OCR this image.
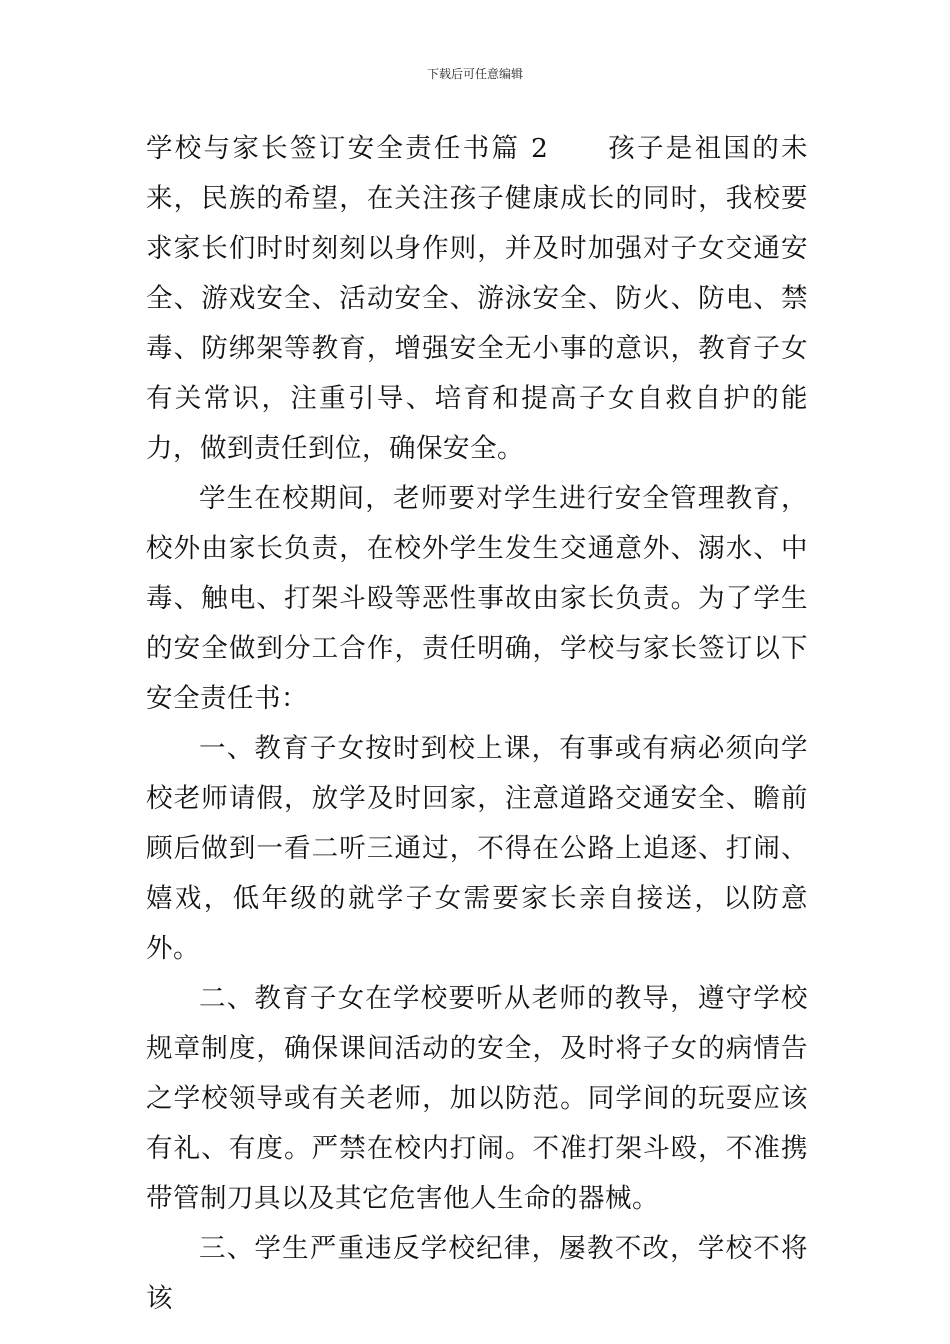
下载后可任意编辑

学校与家长签订安全责任书篇 2 孩子是祖国的未来，民族的希望，在关注孩子健康成长的同时，我校要求家长们时时刻刻以身作则，并及时加强对子女交通安全、游戏安全、活动安全、游泳安全、防火、防电、禁毒、防绑架等教育，增强安全无小事的意识，教育子女有关常识，注重引导、培育和提高子女自救自护的能力，做到责任到位，确保安全。

学生在校期间，老师要对学生进行安全管理教育，校外由家长负责，在校外学生发生交通意外、溺水、中毒、触电、打架斗殴等恶性事故由家长负责。为了学生的安全做到分工合作，责任明确，学校与家长签订以下安全责任书：

一、教育子女按时到校上课，有事或有病必须向学校老师请假，放学及时回家，注意道路交通安全、瞻前顾后做到一看二听三通过，不得在公路上追逐、打闹、嬉戏，低年级的就学子女需要家长亲自接送，以防意外。

二、教育子女在学校要听从老师的教导，遵守学校规章制度，确保课间活动的安全，及时将子女的病情告之学校领导或有关老师，加以防范。同学间的玩耍应该有礼、有度。严禁在校内打闹。不准打架斗殴，不准携带管制刀具以及其它危害他人生命的器械。

三、学生严重违反学校纪律，屡教不改，学校不将该
